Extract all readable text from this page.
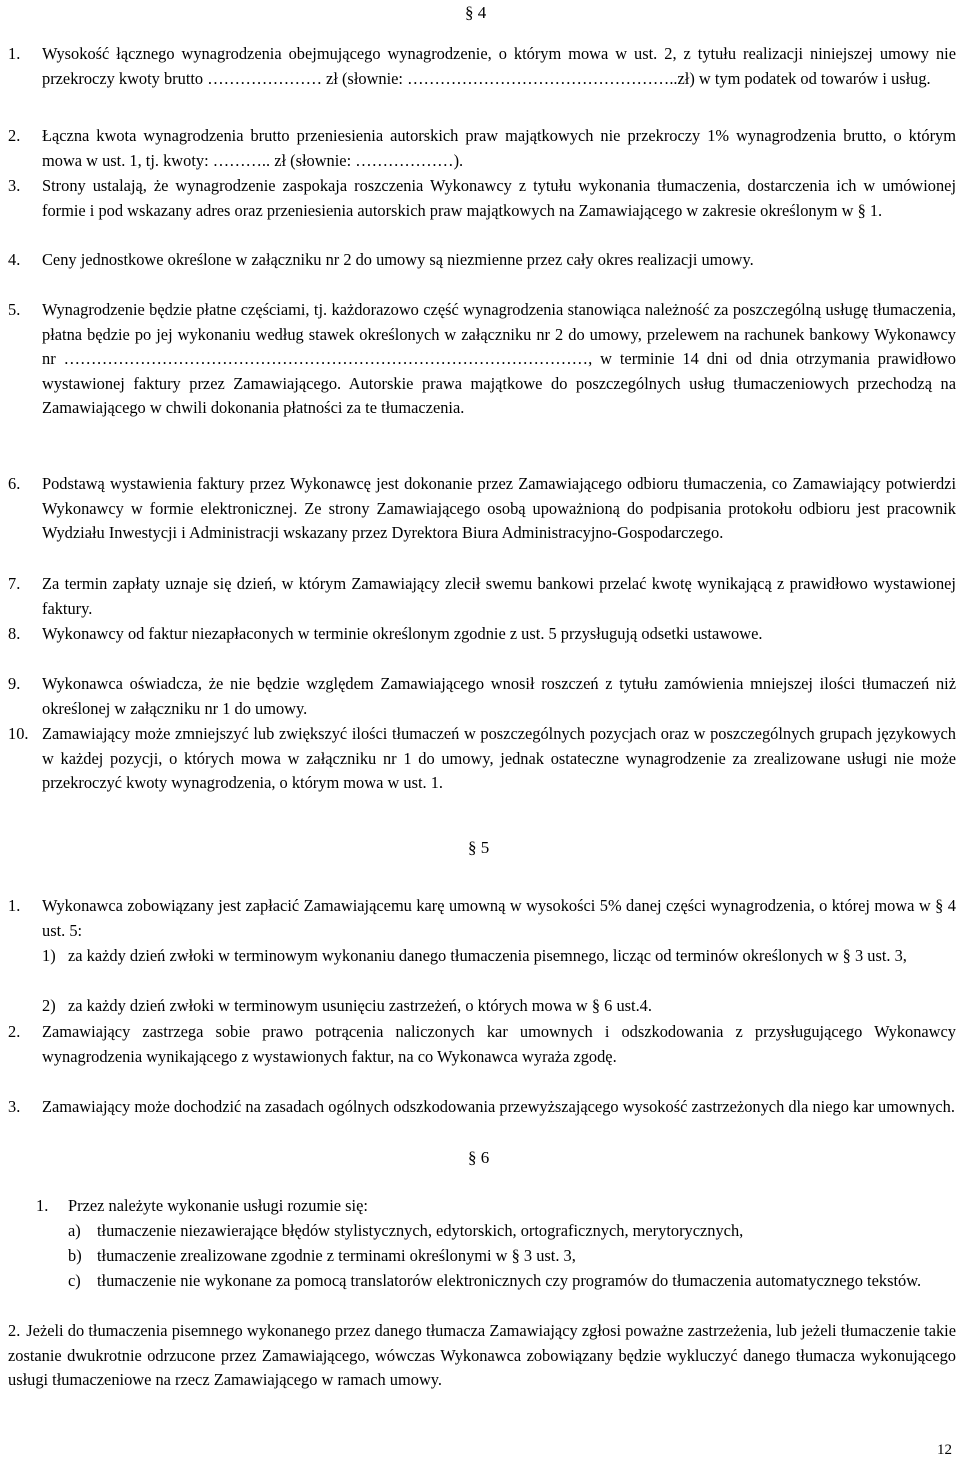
§ 4
1.	Wysokość łącznego wynagrodzenia obejmującego wynagrodzenie, o którym mowa w ust. 2, z tytułu realizacji niniejszej umowy nie przekroczy kwoty brutto ………………… zł (słownie: …………………………………………..zł) w tym podatek od towarów i usług.
2.	Łączna kwota wynagrodzenia brutto przeniesienia autorskich praw majątkowych nie przekroczy 1% wynagrodzenia brutto, o którym mowa w ust. 1, tj. kwoty: ……….. zł (słownie: ………………).
3.	Strony ustalają, że wynagrodzenie zaspokaja roszczenia Wykonawcy z tytułu wykonania tłumaczenia, dostarczenia ich w umówionej formie i pod wskazany adres oraz przeniesienia autorskich praw majątkowych na Zamawiającego w zakresie określonym w § 1.
4.	Ceny jednostkowe określone w załączniku nr 2 do umowy są niezmienne przez cały okres realizacji umowy.
5.	Wynagrodzenie będzie płatne częściami, tj. każdorazowo część wynagrodzenia stanowiąca należność za poszczególną usługę tłumaczenia, płatna będzie po jej wykonaniu według stawek określonych w załączniku nr 2 do umowy, przelewem na rachunek bankowy Wykonawcy nr ……………………………………………………………………………………, w terminie 14 dni od dnia otrzymania prawidłowo wystawionej faktury przez Zamawiającego. Autorskie prawa majątkowe do poszczególnych usług tłumaczeniowych przechodzą na Zamawiającego w chwili dokonania płatności za te tłumaczenia.
6.	Podstawą wystawienia faktury przez Wykonawcę jest dokonanie przez Zamawiającego odbioru tłumaczenia, co Zamawiający potwierdzi Wykonawcy w formie elektronicznej. Ze strony Zamawiającego osobą upoważnioną do podpisania protokołu odbioru jest pracownik Wydziału Inwestycji i Administracji wskazany przez Dyrektora Biura Administracyjno-Gospodarczego.
7.	Za termin zapłaty uznaje się dzień, w którym Zamawiający zlecił swemu bankowi przelać kwotę wynikającą z prawidłowo wystawionej faktury.
8.	Wykonawcy od faktur niezapłaconych w terminie określonym zgodnie z ust. 5 przysługują odsetki ustawowe.
9.	Wykonawca oświadcza, że nie będzie względem Zamawiającego wnosił roszczeń z tytułu zamówienia mniejszej ilości tłumaczeń niż określonej w załączniku nr 1 do umowy.
10. Zamawiający może zmniejszyć lub zwiększyć ilości tłumaczeń w poszczególnych pozycjach oraz w poszczególnych grupach językowych w każdej pozycji, o których mowa w załączniku nr 1 do umowy, jednak ostateczne wynagrodzenie za zrealizowane usługi nie może przekroczyć kwoty wynagrodzenia, o którym mowa w ust. 1.
§ 5
1.	Wykonawca zobowiązany jest zapłacić Zamawiającemu karę umowną w wysokości 5% danej części wynagrodzenia, o której mowa w § 4 ust. 5:
1) za każdy dzień zwłoki w terminowym wykonaniu danego tłumaczenia pisemnego, licząc od terminów określonych w § 3 ust. 3,
2) za każdy dzień zwłoki w terminowym usunięciu zastrzeżeń, o których mowa w § 6 ust.4.
2.	Zamawiający zastrzega sobie prawo potrącenia naliczonych kar umownych i odszkodowania z przysługującego Wykonawcy wynagrodzenia wynikającego z wystawionych faktur, na co Wykonawca wyraża zgodę.
3.	Zamawiający może dochodzić na zasadach ogólnych odszkodowania przewyższającego wysokość zastrzeżonych dla niego kar umownych.
§ 6
1.	Przez należyte wykonanie usługi rozumie się:
a) tłumaczenie niezawierające błędów stylistycznych, edytorskich, ortograficznych, merytorycznych,
b) tłumaczenie zrealizowane zgodnie z terminami określonymi w § 3 ust. 3,
c) tłumaczenie nie wykonane za pomocą translatorów elektronicznych czy programów do tłumaczenia automatycznego tekstów.
2. Jeżeli do tłumaczenia pisemnego wykonanego przez danego tłumacza Zamawiający zgłosi poważne zastrzeżenia, lub jeżeli tłumaczenie takie zostanie dwukrotnie odrzucone przez Zamawiającego, wówczas Wykonawca zobowiązany będzie wykluczyć danego tłumacza wykonującego usługi tłumaczeniowe na rzecz Zamawiającego w ramach umowy.
12
